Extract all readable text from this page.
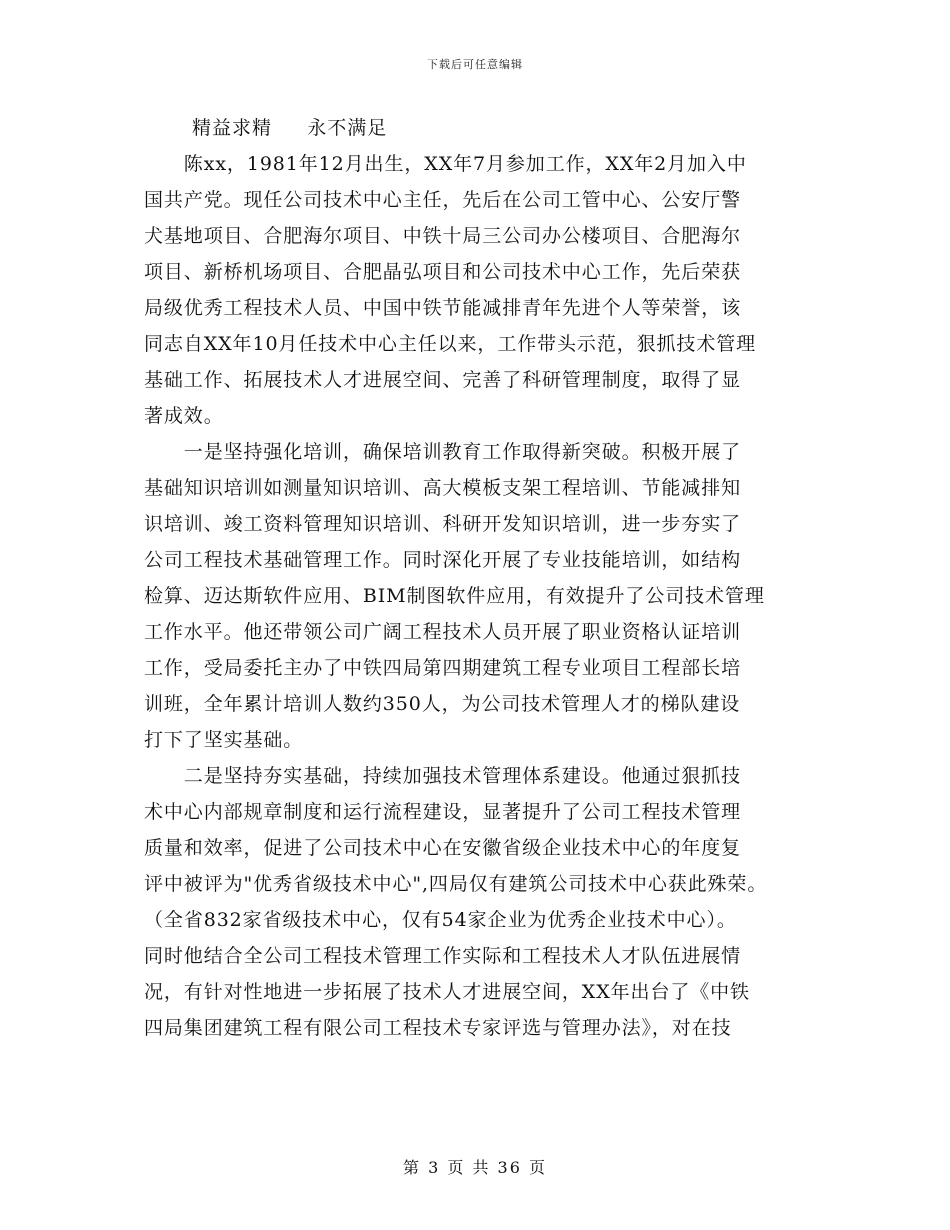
下载后可任意编辑
精益求精     永不满足
　　陈xx，1981年12月出生，XX年7月参加工作，XX年2月加入中
国共产党。现任公司技术中心主任，先后在公司工管中心、公安厅警
犬基地项目、合肥海尔项目、中铁十局三公司办公楼项目、合肥海尔
项目、新桥机场项目、合肥晶弘项目和公司技术中心工作，先后荣获
局级优秀工程技术人员、中国中铁节能减排青年先进个人等荣誉，该
同志自XX年10月任技术中心主任以来，工作带头示范，狠抓技术管理
基础工作、拓展技术人才进展空间、完善了科研管理制度，取得了显
著成效。
　　一是坚持强化培训，确保培训教育工作取得新突破。积极开展了
基础知识培训如测量知识培训、高大模板支架工程培训、节能减排知
识培训、竣工资料管理知识培训、科研开发知识培训，进一步夯实了
公司工程技术基础管理工作。同时深化开展了专业技能培训，如结构
检算、迈达斯软件应用、BIM制图软件应用，有效提升了公司技术管理
工作水平。他还带领公司广阔工程技术人员开展了职业资格认证培训
工作，受局委托主办了中铁四局第四期建筑工程专业项目工程部长培
训班，全年累计培训人数约350人，为公司技术管理人才的梯队建设
打下了坚实基础。
　　二是坚持夯实基础，持续加强技术管理体系建设。他通过狠抓技
术中心内部规章制度和运行流程建设，显著提升了公司工程技术管理
质量和效率，促进了公司技术中心在安徽省级企业技术中心的年度复
评中被评为"优秀省级技术中心",四局仅有建筑公司技术中心获此殊荣。
（全省832家省级技术中心，仅有54家企业为优秀企业技术中心）。
同时他结合全公司工程技术管理工作实际和工程技术人才队伍进展情
况，有针对性地进一步拓展了技术人才进展空间，XX年出台了《中铁
四局集团建筑工程有限公司工程技术专家评选与管理办法》，对在技
第 3 页 共 36 页
